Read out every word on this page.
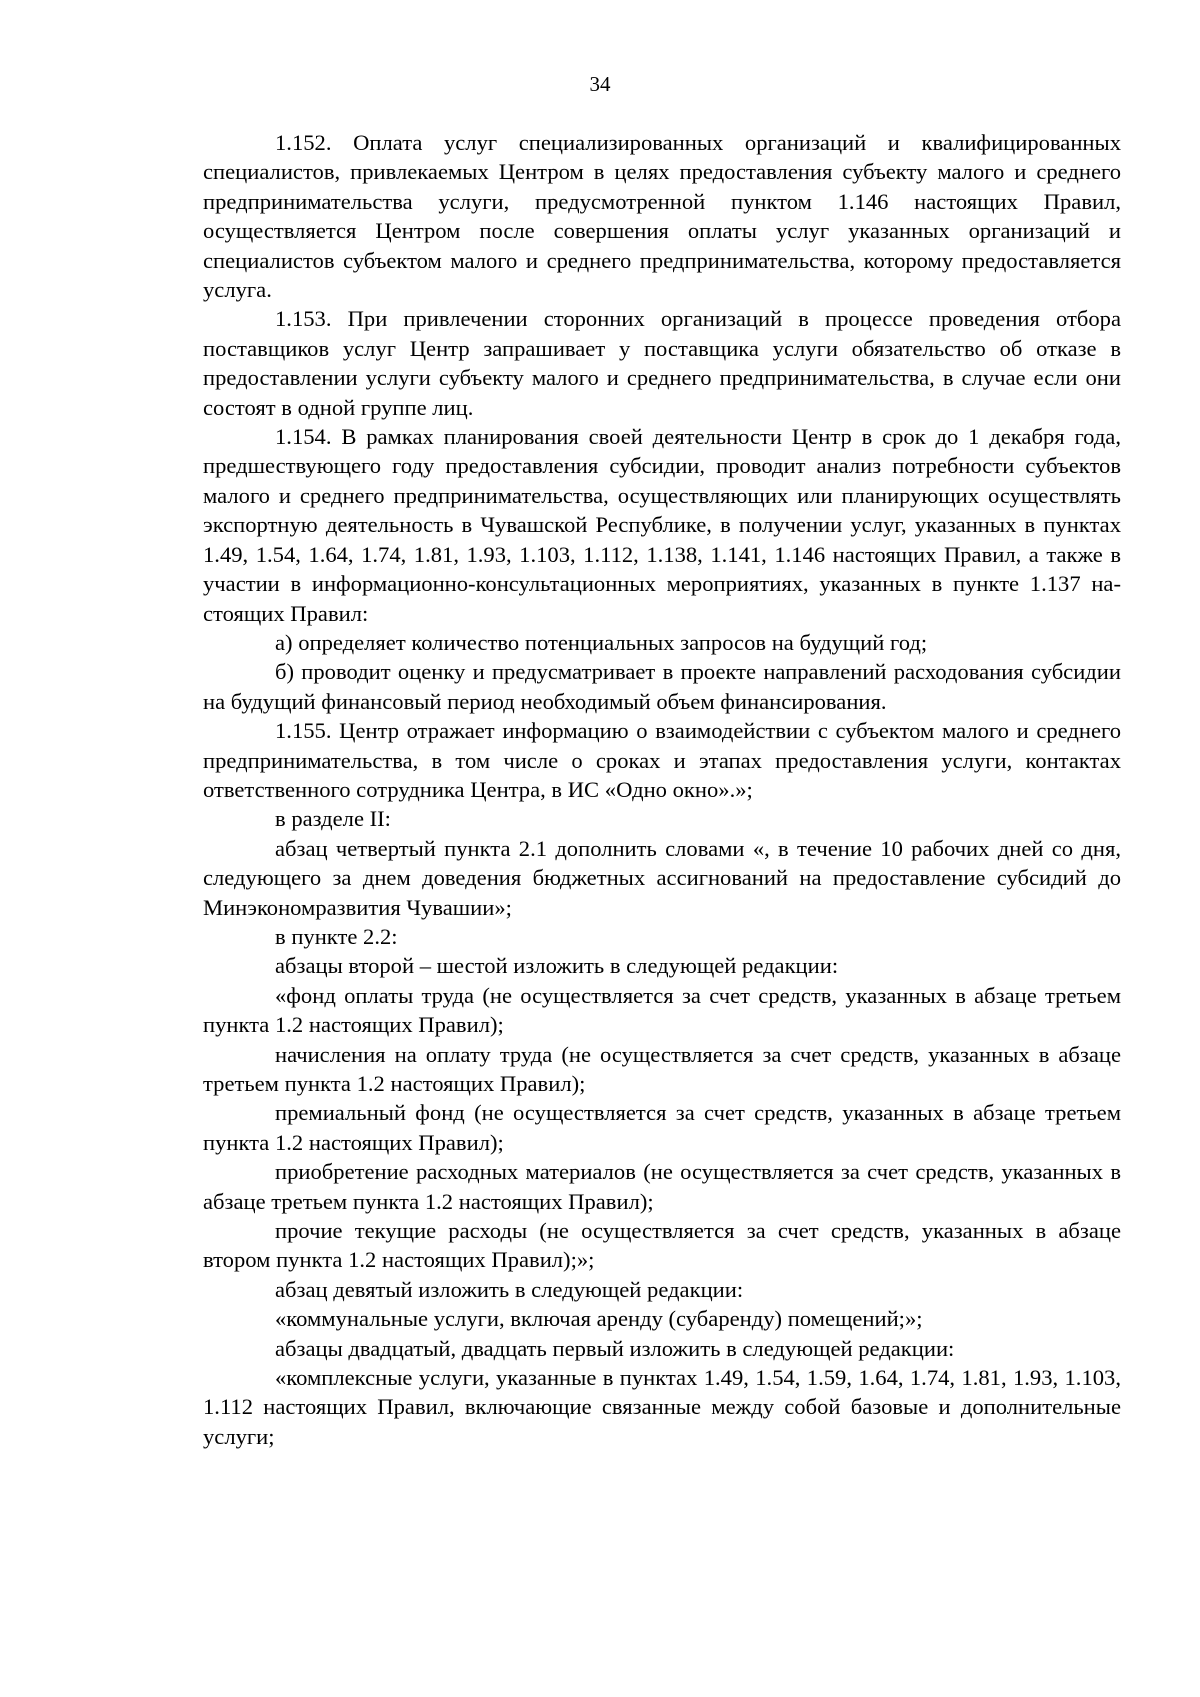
34

1.152. Оплата услуг специализированных организаций и квалифицированных специалистов, привлекаемых Центром в целях предоставления субъекту малого и среднего предпринимательства услуги, предусмотренной пунктом 1.146 настоящих Правил, осуществляется Центром после совершения оплаты услуг указанных организаций и специалистов субъектом малого и среднего предпринимательства, которому предоставляется услуга.

1.153. При привлечении сторонних организаций в процессе проведения отбора поставщиков услуг Центр запрашивает у поставщика услуги обязательство об отказе в предоставлении услуги субъекту малого и среднего предпринимательства, в случае если они состоят в одной группе лиц.

1.154. В рамках планирования своей деятельности Центр в срок до 1 декабря года, предшествующего году предоставления субсидии, проводит анализ потребности субъектов малого и среднего предпринимательства, осуществляющих или планирующих осуществлять экспортную деятельность в Чувашской Республике, в получении услуг, указанных в пунктах 1.49, 1.54, 1.64, 1.74, 1.81, 1.93, 1.103, 1.112, 1.138, 1.141, 1.146 настоящих Правил, а также в участии в информационно-консультационных мероприятиях, указанных в пункте 1.137 настоящих Правил:

а) определяет количество потенциальных запросов на будущий год;

б) проводит оценку и предусматривает в проекте направлений расходования субсидии на будущий финансовый период необходимый объем финансирования.

1.155. Центр отражает информацию о взаимодействии с субъектом малого и среднего предпринимательства, в том числе о сроках и этапах предоставления услуги, контактах ответственного сотрудника Центра, в ИС «Одно окно».»;

в разделе II:

абзац четвертый пункта 2.1 дополнить словами «, в течение 10 рабочих дней со дня, следующего за днем доведения бюджетных ассигнований на предоставление субсидий до Минэкономразвития Чувашии»;

в пункте 2.2:

абзацы второй – шестой изложить в следующей редакции:

«фонд оплаты труда (не осуществляется за счет средств, указанных в абзаце третьем пункта 1.2 настоящих Правил);

начисления на оплату труда (не осуществляется за счет средств, указанных в абзаце третьем пункта 1.2 настоящих Правил);

премиальный фонд (не осуществляется за счет средств, указанных в абзаце третьем пункта 1.2 настоящих Правил);

приобретение расходных материалов (не осуществляется за счет средств, указанных в абзаце третьем пункта 1.2 настоящих Правил);

прочие текущие расходы (не осуществляется за счет средств, указанных в абзаце втором пункта 1.2 настоящих Правил);»;

абзац девятый изложить в следующей редакции:

«коммунальные услуги, включая аренду (субаренду) помещений;»;

абзацы двадцатый, двадцать первый изложить в следующей редакции:

«комплексные услуги, указанные в пунктах 1.49, 1.54, 1.59, 1.64, 1.74, 1.81, 1.93, 1.103, 1.112 настоящих Правил, включающие связанные между собой базовые и дополнительные услуги;
